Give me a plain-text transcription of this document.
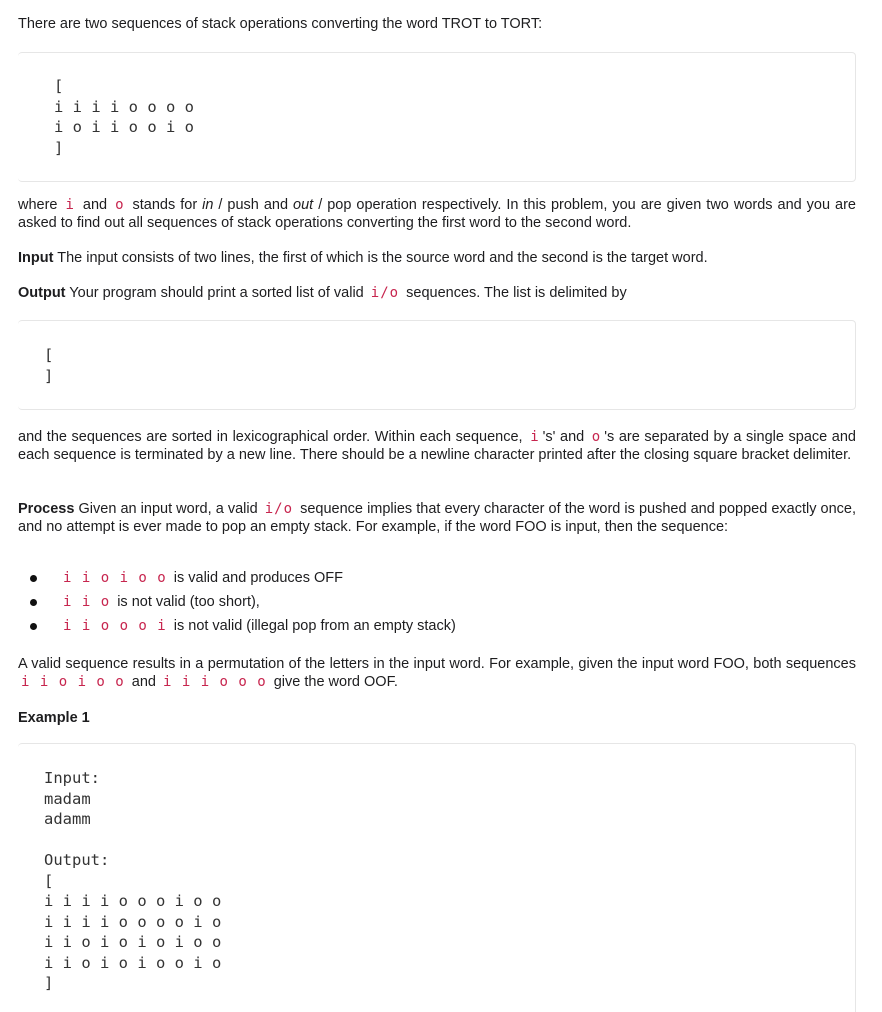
There are two sequences of stack operations converting the word TROT to TORT:

[
i i i i o o o o
i o i i o o i o
]

where i and o stands for in / push and out / pop operation respectively. In this problem, you are given two words and you are asked to find out all sequences of stack operations converting the first word to the second word.

Input The input consists of two lines, the first of which is the source word and the second is the target word.

Output Your program should print a sorted list of valid i/o sequences. The list is delimited by

[
]

and the sequences are sorted in lexicographical order. Within each sequence, i 's' and o 's are separated by a single space and each sequence is terminated by a new line. There should be a newline character printed after the closing square bracket delimiter.

Process Given an input word, a valid i/o sequence implies that every character of the word is pushed and popped exactly once, and no attempt is ever made to pop an empty stack. For example, if the word FOO is input, then the sequence:

i i o i o o is valid and produces OFF
i i o is not valid (too short),
i i o o o i is not valid (illegal pop from an empty stack)

A valid sequence results in a permutation of the letters in the input word. For example, given the input word FOO, both sequences i i o i o o and i i i o o o give the word OOF.

Example 1

Input:
madam
adamm
Output:
[
i i i i o o o i o o
i i i i o o o o i o
i i o i o i o i o o
i i o i o i o o i o
]
